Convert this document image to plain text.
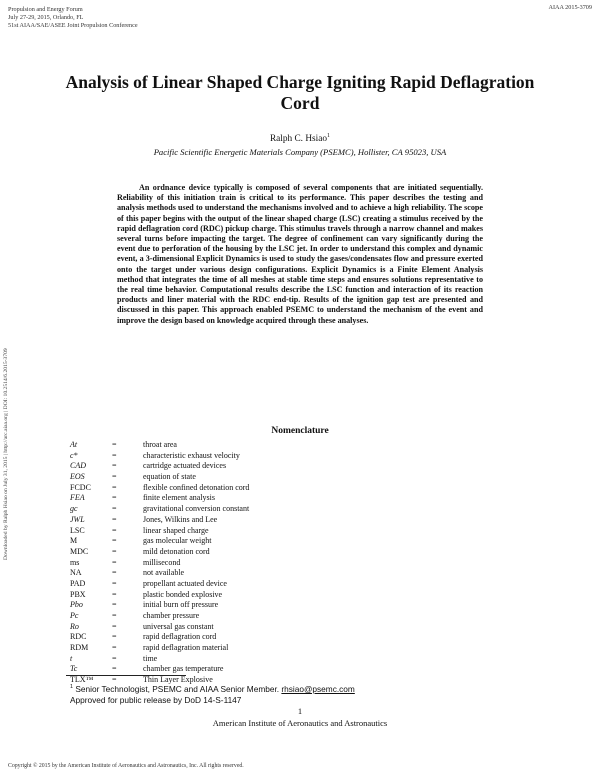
Propulsion and Energy Forum
July 27-29, 2015, Orlando, FL
51st AIAA/SAE/ASEE Joint Propulsion Conference
AIAA 2015-3709
Downloaded by Ralph Hsiao on July 31, 2015 | http://arc.aiaa.org | DOI: 10.2514/6.2015-3709
Analysis of Linear Shaped Charge Igniting Rapid Deflagration Cord
Ralph C. Hsiao$^1$
Pacific Scientific Energetic Materials Company (PSEMC), Hollister, CA 95023, USA
An ordnance device typically is composed of several components that are initiated sequentially. Reliability of this initiation train is critical to its performance. This paper describes the testing and analysis methods used to understand the mechanisms involved and to achieve a high reliability. The scope of this paper begins with the output of the linear shaped charge (LSC) creating a stimulus received by the rapid deflagration cord (RDC) pickup charge. This stimulus travels through a narrow channel and makes several turns before impacting the target. The degree of confinement can vary significantly during the event due to perforation of the housing by the LSC jet. In order to understand this complex and dynamic event, a 3-dimensional Explicit Dynamics is used to study the gases/condensates flow and pressure exerted onto the target under various design configurations. Explicit Dynamics is a Finite Element Analysis method that integrates the time of all meshes at stable time steps and ensures solutions representative to the real time behavior. Computational results describe the LSC function and interaction of its reaction products and liner material with the RDC end-tip. Results of the ignition gap test are presented and discussed in this paper. This approach enabled PSEMC to understand the mechanism of the event and improve the design based on knowledge acquired through these analyses.
Nomenclature
At	=	throat area
c*	=	characteristic exhaust velocity
CAD	=	cartridge actuated devices
EOS	=	equation of state
FCDC	=	flexible confined detonation cord
FEA	=	finite element analysis
gc	=	gravitational conversion constant
JWL	=	Jones, Wilkins and Lee
LSC	=	linear shaped charge
M	=	gas molecular weight
MDC	=	mild detonation cord
ms	=	millisecond
NA	=	not available
PAD	=	propellant actuated device
PBX	=	plastic bonded explosive
Pbo	=	initial burn off pressure
Pc	=	chamber pressure
Ro	=	universal gas constant
RDC	=	rapid deflagration cord
RDM	=	rapid deflagration material
t	=	time
Tc	=	chamber gas temperature
TLX™ =	Thin Layer Explosive
$^1$ Senior Technologist, PSEMC and AIAA Senior Member. rhsiao@psemc.com
Approved for public release by DoD 14-S-1147
1
American Institute of Aeronautics and Astronautics
Copyright © 2015 by the American Institute of Aeronautics and Astronautics, Inc. All rights reserved.
